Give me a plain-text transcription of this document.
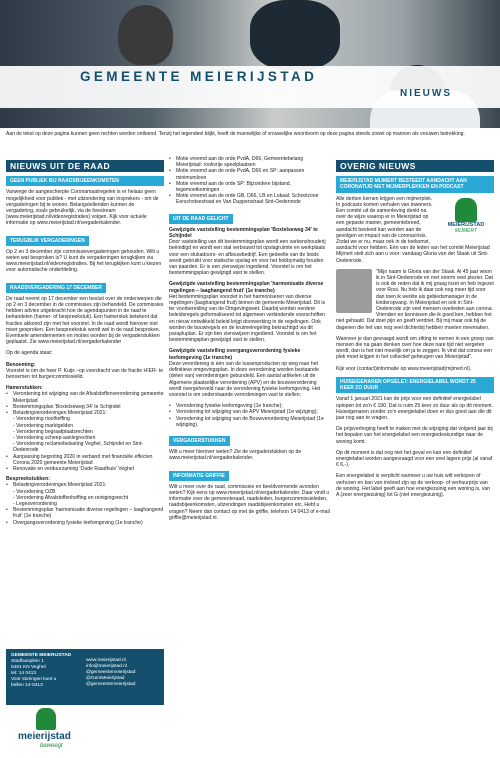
GEMEENTE MEIERIJSTAD
NIEUWS
Aan de tekst op deze pagina kunnen geen rechten worden ontleend. Tenzij het tegendeel blijkt, heeft de mannelijke of vrouwelijke woordvorm op deze pagina steeds zowel op mannen als vrouwen betrekking.
NIEUWS UIT DE RAAD
GEEN PUBLIEK BIJ RAADSBIJEENKOMSTEN

Vanwege de aangescherpte Coronamaatregelen is er helaas geen mogelijkheid voor publiek - met uitzondering van insprekers - om de vergaderingen bij te wonen. Belangstellenden kunnen de vergadering, zoals gebruikelijk, via de livestream (www.meierijstad.nl/videoregistraties) volgen. Kijk voor actuele informatie op www.meierijstad.nl/vergaderkalender.

TERUGBLIK VERGADERINGEN

Op 2 en 3 december zijn commissievergaderingen gehouden. Wilt u weten wat besproken is? U kunt de vergaderingen terugkijken via www.meierijstad.nl/videoregistraties. Bij het terugkijken kunt u kiezen voor automatische ondertiteling.

RAADSVERGADERING 17 DECEMBER

De raad neemt op 17 december een besluit over de onderwerpen die op 2 en 3 december in de commissies zijn behandeld. De commissies hebben advies uitgebracht hoe de agendapunten in de raad te behandelen (hamer- of bespreekstuk). Een hamerstuk betekent dat fracties akkoord zijn met het voorstel. In de raad wordt hierover niet meer gesproken. Een bespreekstuk wordt wel in de raad besproken. Eventuele amendementen en moties worden bij de vergaderstukken geplaatst. Zie www.meierijstad.nl/vergaderkalender

Op de agenda staat:

Benoeming:

Voorstel is om de heer P. Kuijs –op voordracht van de fractie H!ER- te benoemen tot burgercommissielid.

Hamerstukken:
• Verordening tot wijziging van de Afvalstoffenverordening gemeente Meierijstad
• Bestemmingsplan 'Boxtelseweg 34' te Schijndel
• Belastingverordeningen Meierijstad 2021:
- Verordening rioolheffing
- Verordening marktgelden
- Verordening begraafplaatsrechten
- Verordening scheep-aanlegrechten
- Verordening reclamebelasting Veghel, Schijndel en Sint-Oedenrode
• Aanpassing begroting 2020 in verband met financiële effecten Corona 2020 gemeente Meierijstad
• Renovatie en verduurzaming 'Oude Raadhuis' Veghel
Bespreekstukken:
• Belastingverordeningen Meierijstad 2021:
- Verordening OZB
- Verordening Afvalstoffenheffing en reinigingsrecht
- Legesverordening
• Bestemmingsplan 'harmonisatie diverse regelingen – laaghangend fruit' (1e tranche)
• Overgangsverordening fysieke leefomgeving (1e tranche)
GEMEENTE MEIERIJSTAD
Stadhuisplein 1
5461 KN Veghel
tel: 14 0413
Voor storingen kunt u
bellen 14-0413
www.meierijstad.nl
info@meierijstad.nl
@gemeentemeierijstad
@GemMeierijstad
@gemeentemeierijstad
meierijstad
beweegt
• Motie vreemd aan de orde PvdA, D66, Gemeentebelang Meierijstad: rookvrije speelplaatsen
• Motie vreemd aan de orde PvdA, D66 en SP: aanpassen minimumloon
• Motie vreemd aan de orde SP: Bijzondere bijstand, tegemoetkomingen
• Motie vreemd aan de orde GB, D66, LB en Lokaal: Schoolzone Eerschotsestraat en Van Duppenstraat Sint-Oedenrode
UIT DE RAAD GELICHT
Gewijzigde vaststelling bestemmingsplan 'Boxtelseweg 34' te Schijndel

Door vaststelling van dit bestemmingsplan wordt een varkenshouderij beëindigd en wordt een stal verbouwd tot opslagruimte en werkplaats voor een stukadoors- en afbouwbedrijf. Een gedeelte van de loods wordt gebruikt voor statische opslag en voor het hobbymatig houden van paarden. Er is een zienswijze ingediend. Voorstel is om het bestemmingsplan gewijzigd vast te stellen.

Gewijzigde vaststelling bestemmingsplan 'harmonisatie diverse regelingen – laaghangend fruit' (1e tranche)

Het bestemmingsplan voorziet in het harmoniseren van diverse regelingen (laaghangend fruit) binnen de gemeente Meierijstad. Dit is ter voorbereiding van de Omgevingswet. Daarbij worden eerdere beleidsregels geformaliseerd tot algemeen verbindende voorschriften en nieuw ontwikkeld beleid krijgt doorwerking in de regelingen. Ook worden de bouwregels en de kruimelregeling bekrachtigd via dit parapluplan. Er zijn tien zienswijzen ingediend. Voorstel is om het bestemmingsplan gewijzigd vast te stellen.

Gewijzigde vaststelling overgangsverordening fysieke leefomgeving (1e tranche)

Deze verordening is één van de tussenproducten op weg naar het definitieve omgevingsplan. In deze verordening worden bestaande (delen van) verordeningen gebundeld. Een aantal artikelen uit de Algemene plaatselijke verordening (APV) en de bouwverordening wordt overgeheveld naar de verordening fysieke leefomgeving. Het voorstel is om onderstaande verordeningen vast te stellen:

• Verordening fysieke leefomgeving (1e tranche);
• Verordening tot wijziging van de APV Meierijstad (1e wijziging);
• Verordening tot wijziging van de Bouwverordening Meierijstad (1e wijziging).
VERGADERSTUKKEN

Wilt u meer hierover weten? Zie de vergaderstukken op de www.meierijstad.nl/vergaderkalender.

INFORMATIE GRIFFIE

Wilt u meer over de raad, commissies en beeldvormende avonden weten? Kijk eens op www.meierijstad.nl/vergaderkalender. Daar vindt u informatie over de gemeenteraad, raadsleden, burgercommissieleden, raadsbijeenkomsten, uitzendingen raadsbijeenkomsten etc. Hebt u vragen? Neem dan contact op met de griffie, telefoon 14 0413 of e-mail griffie@meierijstad.nl.

OVERIG NIEUWS
MEIERIJSTAD MIJMERT BESTEEDT AANDACHT AAN CORONATIJD MET MIJMERPLEKKEN EN PODCAST
MEIERIJSTAD
MIJMERT

Alle dertien kernen krijgen een mijmerplek. In podcasts komen verhalen van inwoners. Een comité uit de samenleving denkt na over de wijze waarop er in Meierijstad op een gepaste manier, gemeentebreed, aandacht besteed kan worden aan de gevolgen en impact van de coronacrisis. Zodat we er nu, maar ook in de toekomst, aandacht voor hebben. Eén van de leden van het comité Meierijstad Mijmert stelt zich aan u voor: vandaag Gloria van der Staak uit Sint-Oedenrode.

"Mijn naam is Gloria van der Staak. Al 45 jaar woon ik in Sint-Oedenrode en met enorm veel plezier. Dat is ook de reden dat ik mij graag inzet en heb ingezet voor Rooi. Nu heb ik daar ook nog meer tijd voor dan toen ik werkte als gebiedsmanager in de kinderopvang. In Meierijstad en ook in Sint-Oedenrode zijn veel mensen overleden aan corona. Vrienden en kennissen die ik goed ken, hebben het niet gehaald. Dat doet pijn en geeft verdriet. Bij mij maar ook bij de dagenen die het van nog veel dichterbij hebben moeten meemaken.

Wanneer je dan gevraagd wordt om zitting te nemen in een groep van mensen die na gaan denken over hoe deze nare tijd niet vergeten wordt, dan is het niet moeilijk om ja te zeggen. Ik vind dat corona een plek moet krijgen in het collectief geheugen van Meierijstad".

Kijk voor (contact)informatie op www.meierijstad(mijmert.nl).

HUISEIGENAREN OPGELET: ENERGIELABEL WORDT 25 KEER ZO DUUR

Vanaf 1 januari 2021 kan de prijs voor een definitief energielabel oplopen tot zo'n € 190. Dat is ruim 25 keer zo duur als op dit moment. Huiseigenaren zonder zo'n energielabel doen er dus goed aan die dit jaar nog aan te vragen.

De prijsverhoging heeft te maken met de wijziging dat volgend jaar bij het bepalen van het energielabel een energiedeskundige naar de woning komt.

Op dit moment is dat nog niet het geval en kan een definitief energielabel worden aangevraagd voor een veel lagere prijs (al vanaf € 6,-).

Een energielabel is verplicht wanneer u uw huis wilt verkopen of verhuren en kan van invloed zijn op de verkoop- of verhuurprijs van de woning. Het label geeft aan hoe energiezuinig een woning is, van A (zeer energiezuinig) tot G (niet energiezuinig).
